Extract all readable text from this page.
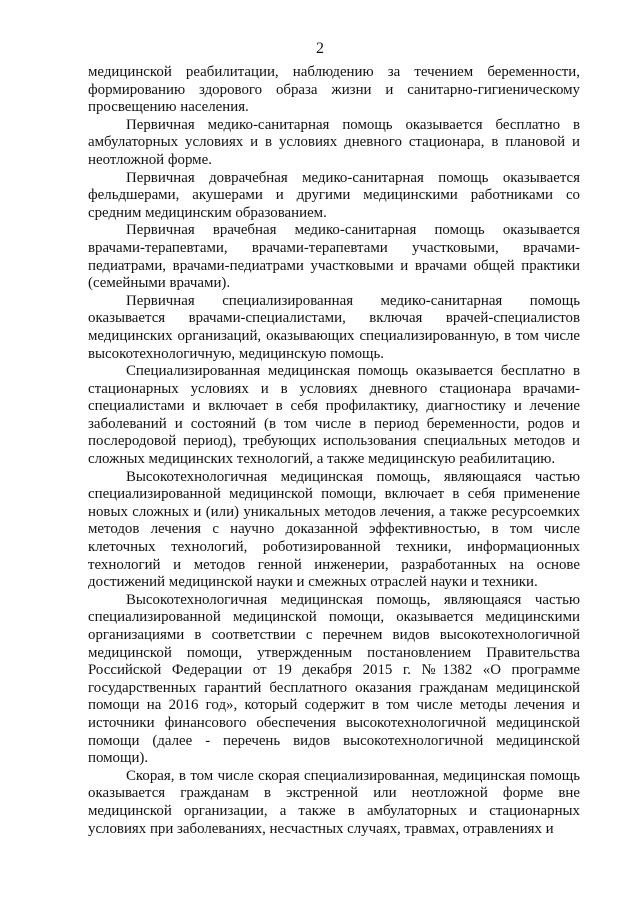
2

медицинской реабилитации, наблюдению за течением беременности, формированию здорового образа жизни и санитарно-гигиеническому просвещению населения.

Первичная медико-санитарная помощь оказывается бесплатно в амбулаторных условиях и в условиях дневного стационара, в плановой и неотложной форме.

Первичная доврачебная медико-санитарная помощь оказывается фельдшерами, акушерами и другими медицинскими работниками со средним медицинским образованием.

Первичная врачебная медико-санитарная помощь оказывается врачами-терапевтами, врачами-терапевтами участковыми, врачами-педиатрами, врачами-педиатрами участковыми и врачами общей практики (семейными врачами).

Первичная специализированная медико-санитарная помощь оказывается врачами-специалистами, включая врачей-специалистов медицинских организаций, оказывающих специализированную, в том числе высокотехнологичную, медицинскую помощь.

Специализированная медицинская помощь оказывается бесплатно в стационарных условиях и в условиях дневного стационара врачами-специалистами и включает в себя профилактику, диагностику и лечение заболеваний и состояний (в том числе в период беременности, родов и послеродовой период), требующих использования специальных методов и сложных медицинских технологий, а также медицинскую реабилитацию.

Высокотехнологичная медицинская помощь, являющаяся частью специализированной медицинской помощи, включает в себя применение новых сложных и (или) уникальных методов лечения, а также ресурсоемких методов лечения с научно доказанной эффективностью, в том числе клеточных технологий, роботизированной техники, информационных технологий и методов генной инженерии, разработанных на основе достижений медицинской науки и смежных отраслей науки и техники.

Высокотехнологичная медицинская помощь, являющаяся частью специализированной медицинской помощи, оказывается медицинскими организациями в соответствии с перечнем видов высокотехнологичной медицинской помощи, утвержденным постановлением Правительства Российской Федерации от 19 декабря 2015 г. №1382 «О программе государственных гарантий бесплатного оказания гражданам медицинской помощи на 2016 год», который содержит в том числе методы лечения и источники финансового обеспечения высокотехнологичной медицинской помощи (далее - перечень видов высокотехнологичной медицинской помощи).

Скорая, в том числе скорая специализированная, медицинская помощь оказывается гражданам в экстренной или неотложной форме вне медицинской организации, а также в амбулаторных и стационарных условиях при заболеваниях, несчастных случаях, травмах, отравлениях и
